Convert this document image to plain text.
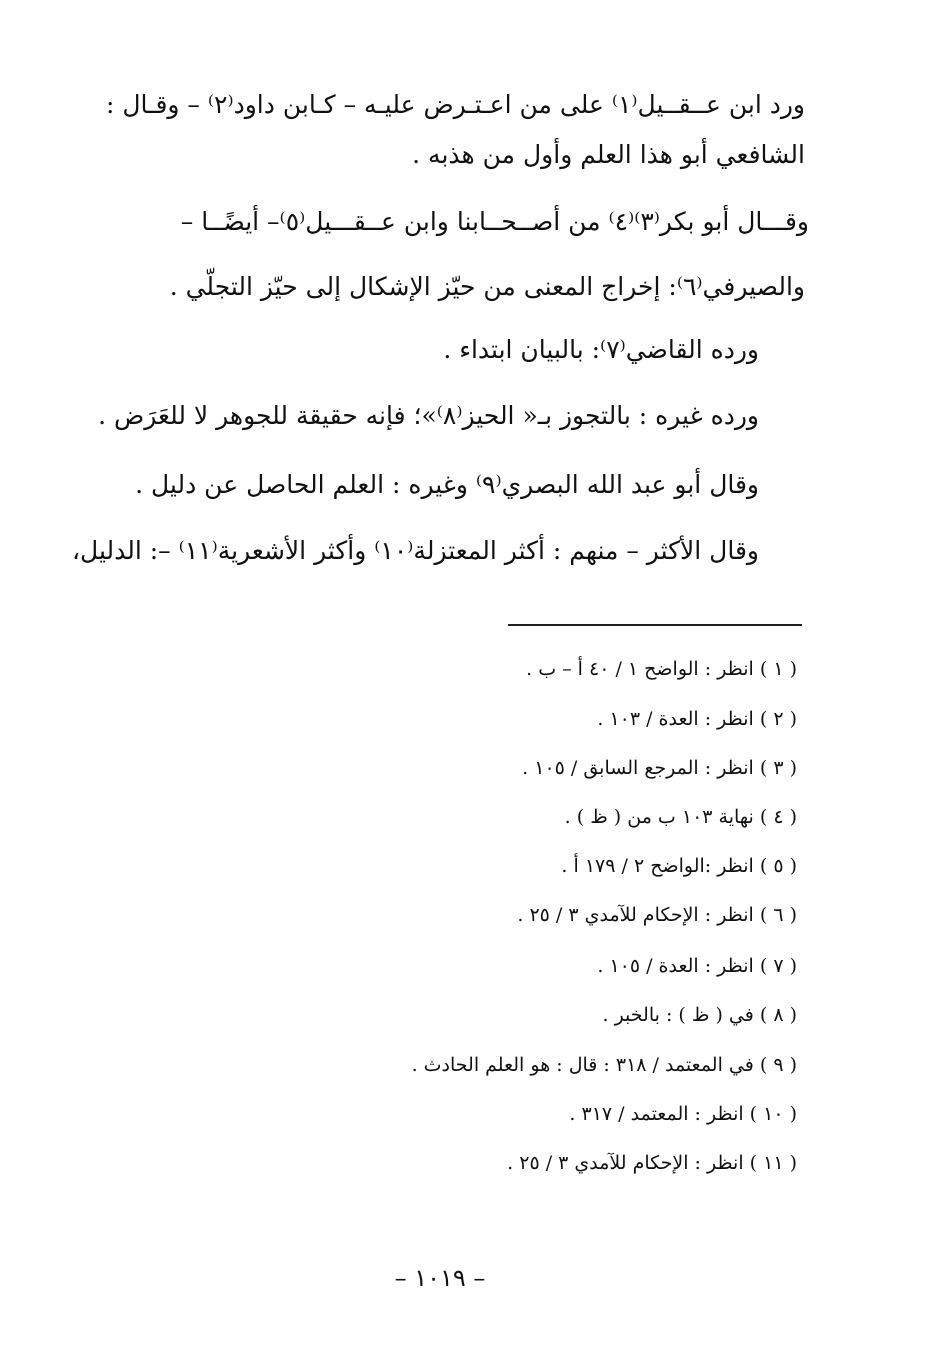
ورد ابن عــقــيل⁽١⁾ على من اعـتـرض عليـه – كـابن داود⁽٢⁾ – وقـال :
الشافعي أبو هذا العلم وأول من هذبه .
وقـــال أبو بكر⁽٣⁾⁽٤⁾ من أصــحــابنا وابن عــقـــيل⁽٥⁾– أيضًــا –
والصيرفي⁽٦⁾: إخراج المعنى من حيّز الإشكال إلى حيّز التجلّي .
ورده القاضي⁽٧⁾: بالبيان ابتداء .
ورده غيره : بالتجوز بـ« الحيز⁽٨⁾»؛ فإنه حقيقة للجوهر لا للعَرَض .
وقال أبو عبد الله البصري⁽٩⁾ وغيره : العلم الحاصل عن دليل .
وقال الأكثر – منهم : أكثر المعتزلة⁽١٠⁾ وأكثر الأشعرية⁽١١⁾ –: الدليل،
( ١ ) انظر : الواضح ١ / ٤٠ أ – ب .
( ٢ ) انظر : العدة / ١٠٣ .
( ٣ ) انظر : المرجع السابق / ١٠٥ .
( ٤ ) نهاية ١٠٣ ب من ( ظ ) .
( ٥ ) انظر :الواضح ٢ / ١٧٩ أ .
( ٦ ) انظر : الإحكام للآمدي ٣ / ٢٥ .
( ٧ ) انظر : العدة / ١٠٥ .
( ٨ ) في ( ظ ) : بالخبر .
( ٩ ) في المعتمد / ٣١٨ : قال : هو العلم الحادث .
( ١٠ ) انظر : المعتمد / ٣١٧ .
( ١١ ) انظر : الإحكام للآمدي ٣ / ٢٥ .
– ١٠١٩ –
